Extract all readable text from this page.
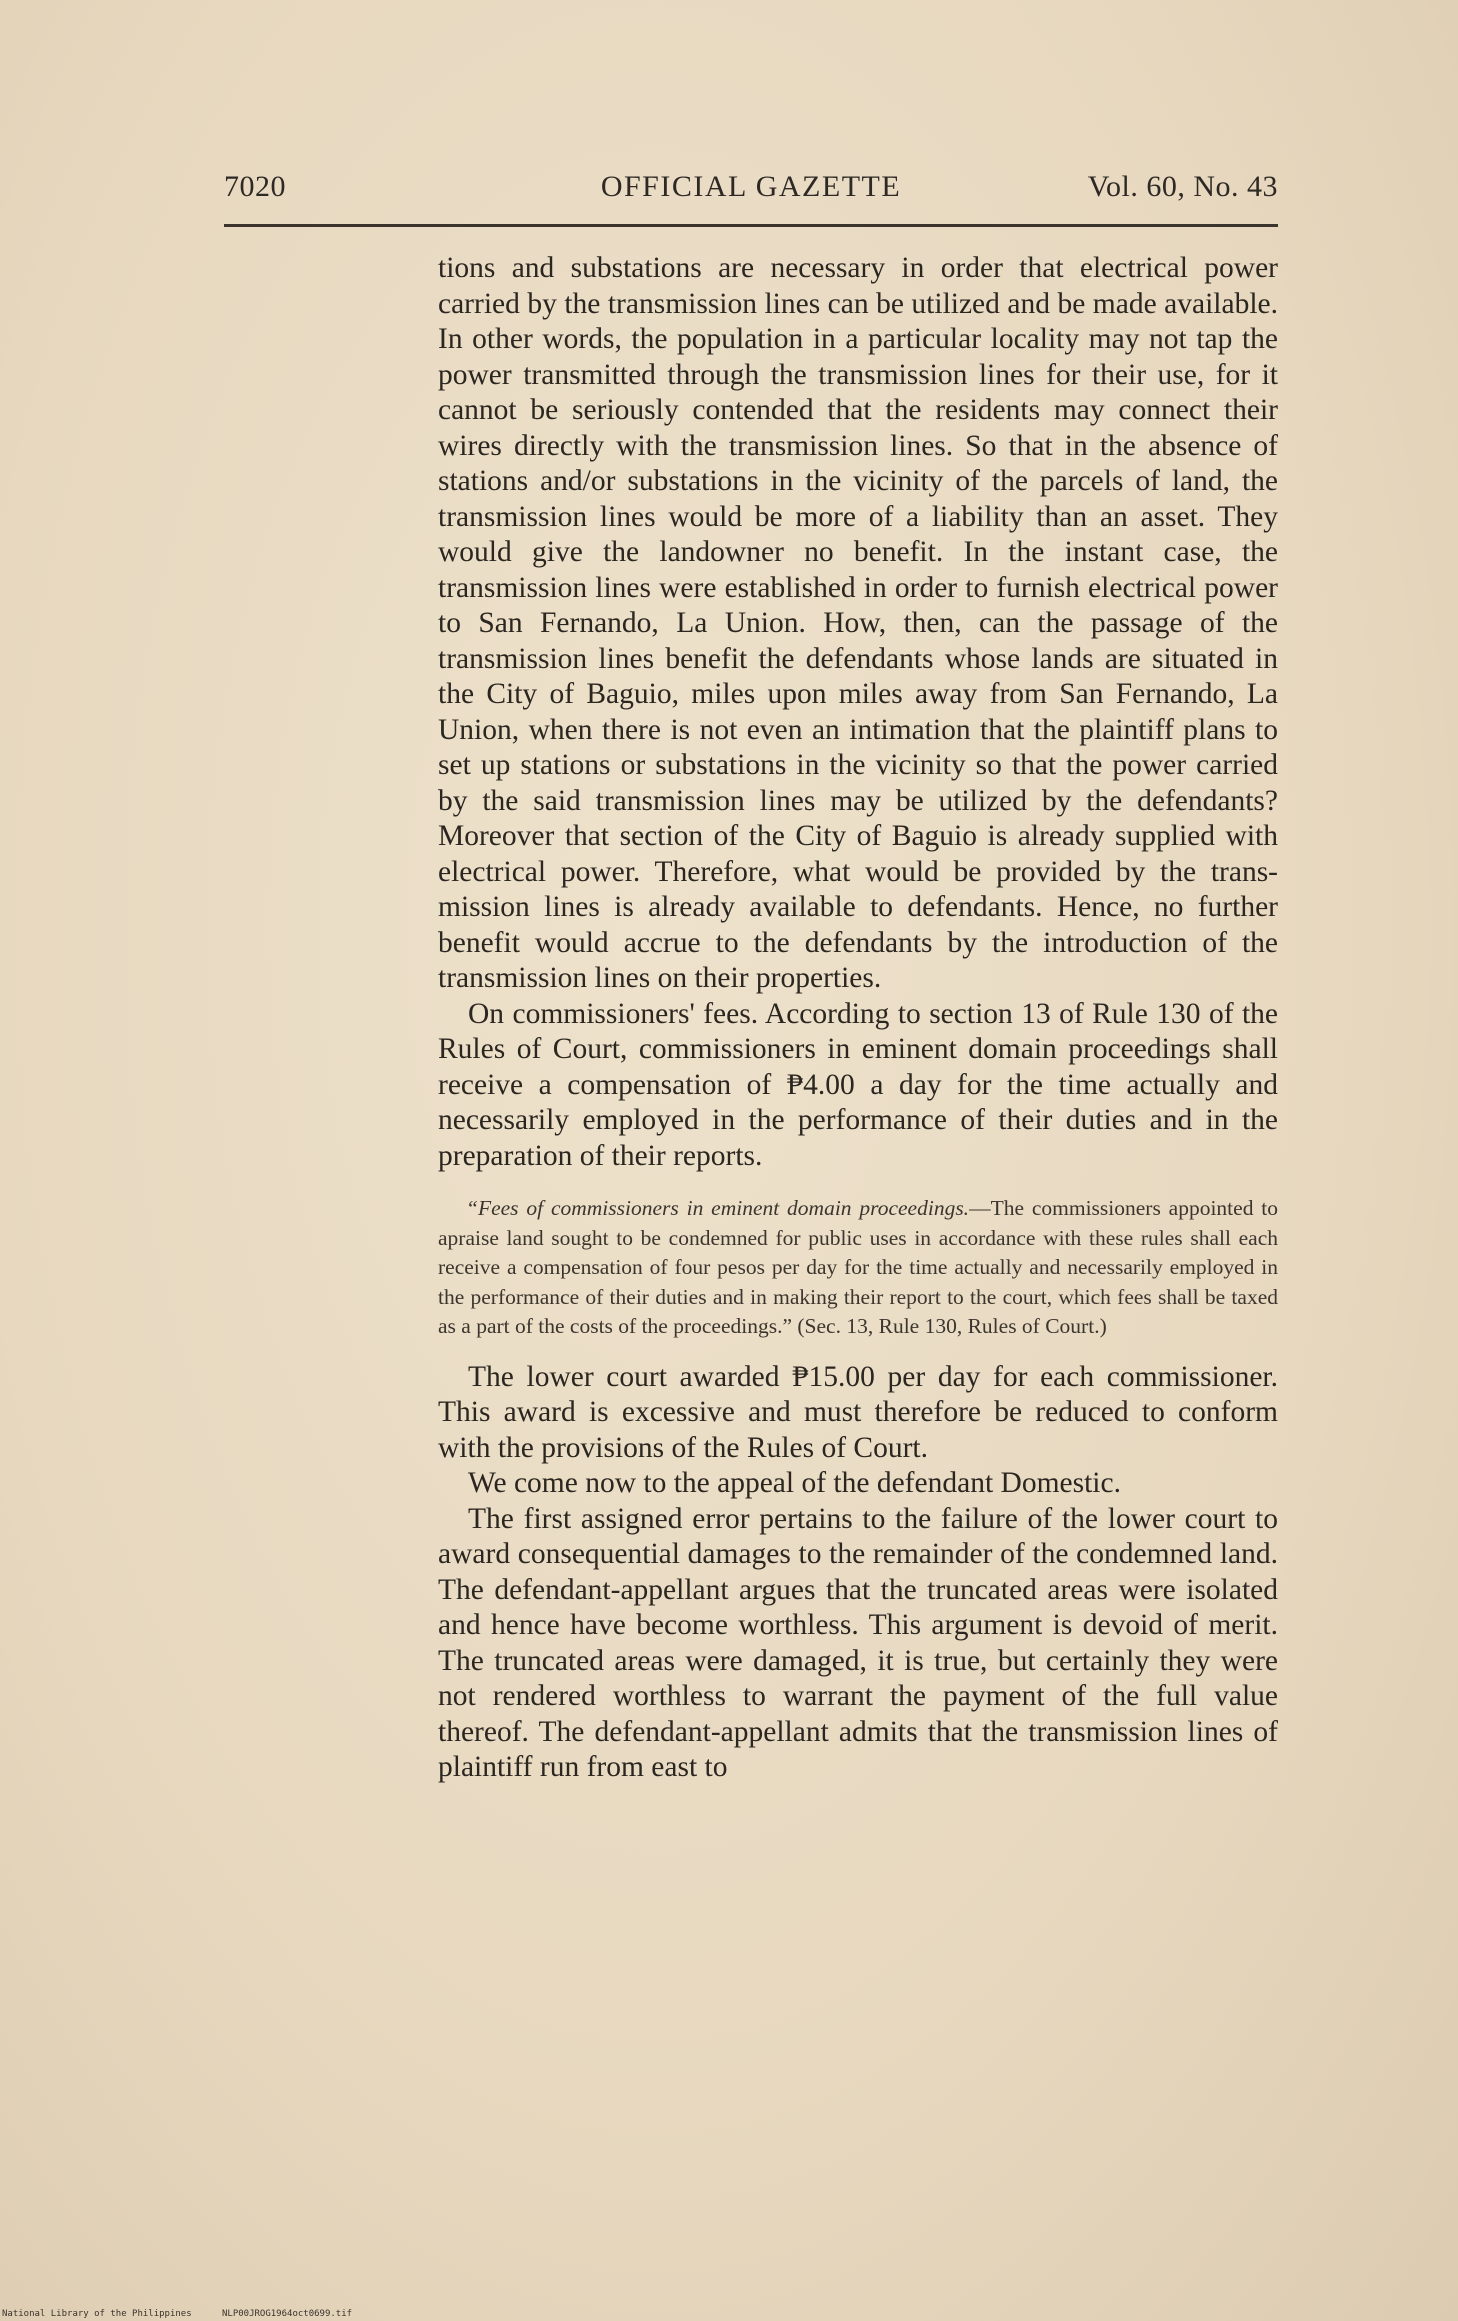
7020	OFFICIAL GAZETTE	Vol. 60, No. 43

tions and substations are necessary in order that electrical power carried by the transmission lines can be utilized and be made available. In other words, the population in a particular locality may not tap the power transmitted through the transmission lines for their use, for it cannot be seriously contended that the residents may connect their wires directly with the transmission lines. So that in the absence of stations and/or substations in the vicinity of the parcels of land, the transmission lines would be more of a liability than an asset. They would give the landowner no benefit. In the instant case, the transmission lines were established in order to furnish electrical power to San Fernando, La Union. How, then, can the passage of the transmission lines benefit the defendants whose lands are situated in the City of Baguio, miles upon miles away from San Fernando, La Union, when there is not even an intimation that the plaintiff plans to set up stations or substations in the vicinity so that the power carried by the said transmission lines may be utilized by the defendants? Moreover that section of the City of Baguio is already supplied with electrical power. Therefore, what would be provided by the transmission lines is already available to defendants. Hence, no further benefit would accrue to the defendants by the introduction of the transmission lines on their properties.

On commissioners' fees. According to section 13 of Rule 130 of the Rules of Court, commissioners in eminent domain proceedings shall receive a compensation of ₱4.00 a day for the time actually and necessarily employed in the performance of their duties and in the preparation of their reports.

“Fees of commissioners in eminent domain proceedings.—The commissioners appointed to apraise land sought to be condemned for public uses in accordance with these rules shall each receive a compensation of four pesos per day for the time actually and necessarily employed in the performance of their duties and in making their report to the court, which fees shall be taxed as a part of the costs of the proceedings.” (Sec. 13, Rule 130, Rules of Court.)

The lower court awarded ₱15.00 per day for each commissioner. This award is excessive and must therefore be reduced to conform with the provisions of the Rules of Court.

We come now to the appeal of the defendant Domestic.

The first assigned error pertains to the failure of the lower court to award consequential damages to the remainder of the condemned land. The defendant-appellant argues that the truncated areas were isolated and hence have become worthless. This argument is devoid of merit. The truncated areas were damaged, it is true, but certainly they were not rendered worthless to warrant the payment of the full value thereof. The defendant-appellant admits that the transmission lines of plaintiff run from east to

National Library of the Philippines	NLP00JROG1964oct0699.tif
